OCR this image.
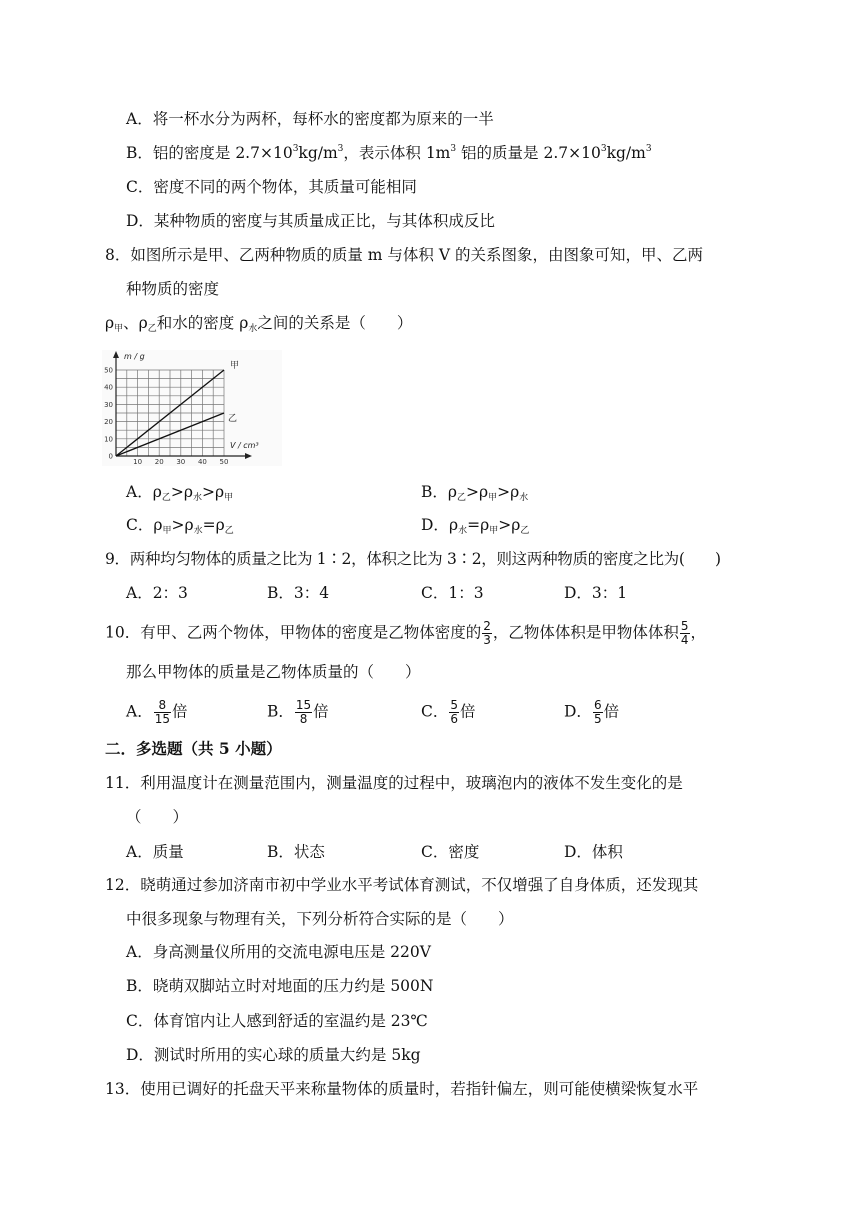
A．将一杯水分为两杯，每杯水的密度都为原来的一半
B．铝的密度是 $2.7\times 10^3kg/m^3$，表示体积 $1m^3$ 铝的质量是 $2.7\times 10^3kg/m^3$
C．密度不同的两个物体，其质量可能相同
D．某种物质的密度与其质量成正比，与其体积成反比
8．如图所示是甲、乙两种物质的质量 m 与体积 V 的关系图象，由图象可知，甲、乙两
种物质的密度
ρ甲、ρ乙和水的密度 ρ水之间的关系是（　　）
甲
乙
10 20 30 40 50
0
10
20
30
40
50
m / g
V / cm³
A．ρ乙>ρ水>ρ甲	B．ρ乙>ρ甲>ρ水
C．ρ甲>ρ水=ρ乙	D．ρ水=ρ甲>ρ乙
9．两种均匀物体的质量之比为 1∶2，体积之比为 3∶2，则这两种物质的密度之比为(　　)
A．2：3	B．3：4	C．1：3	D．3：1
10．有甲、乙两个物体，甲物体的密度是乙物体密度的 $\frac{2}{3}$ ，乙物体体积是甲物体体积 $\frac{5}{4}$ ，
那么甲物体的质量是乙物体质量的（　　）
A． $\frac{8}{15}$ 倍	B． $\frac{15}{8}$ 倍	C． $\frac{5}{6}$ 倍	D． $\frac{6}{5}$ 倍
二．多选题（共 5 小题）
11．利用温度计在测量范围内，测量温度的过程中，玻璃泡内的液体不发生变化的是
（　　）
A．质量	B．状态	C．密度	D．体积
12．晓萌通过参加济南市初中学业水平考试体育测试，不仅增强了自身体质，还发现其
中很多现象与物理有关，下列分析符合实际的是（　　）
A．身高测量仪所用的交流电源电压是 220V
B．晓萌双脚站立时对地面的压力约是 500N
C．体育馆内让人感到舒适的室温约是 23℃
D．测试时所用的实心球的质量大约是 5kg
13．使用已调好的托盘天平来称量物体的质量时，若指针偏左，则可能使横梁恢复水平
